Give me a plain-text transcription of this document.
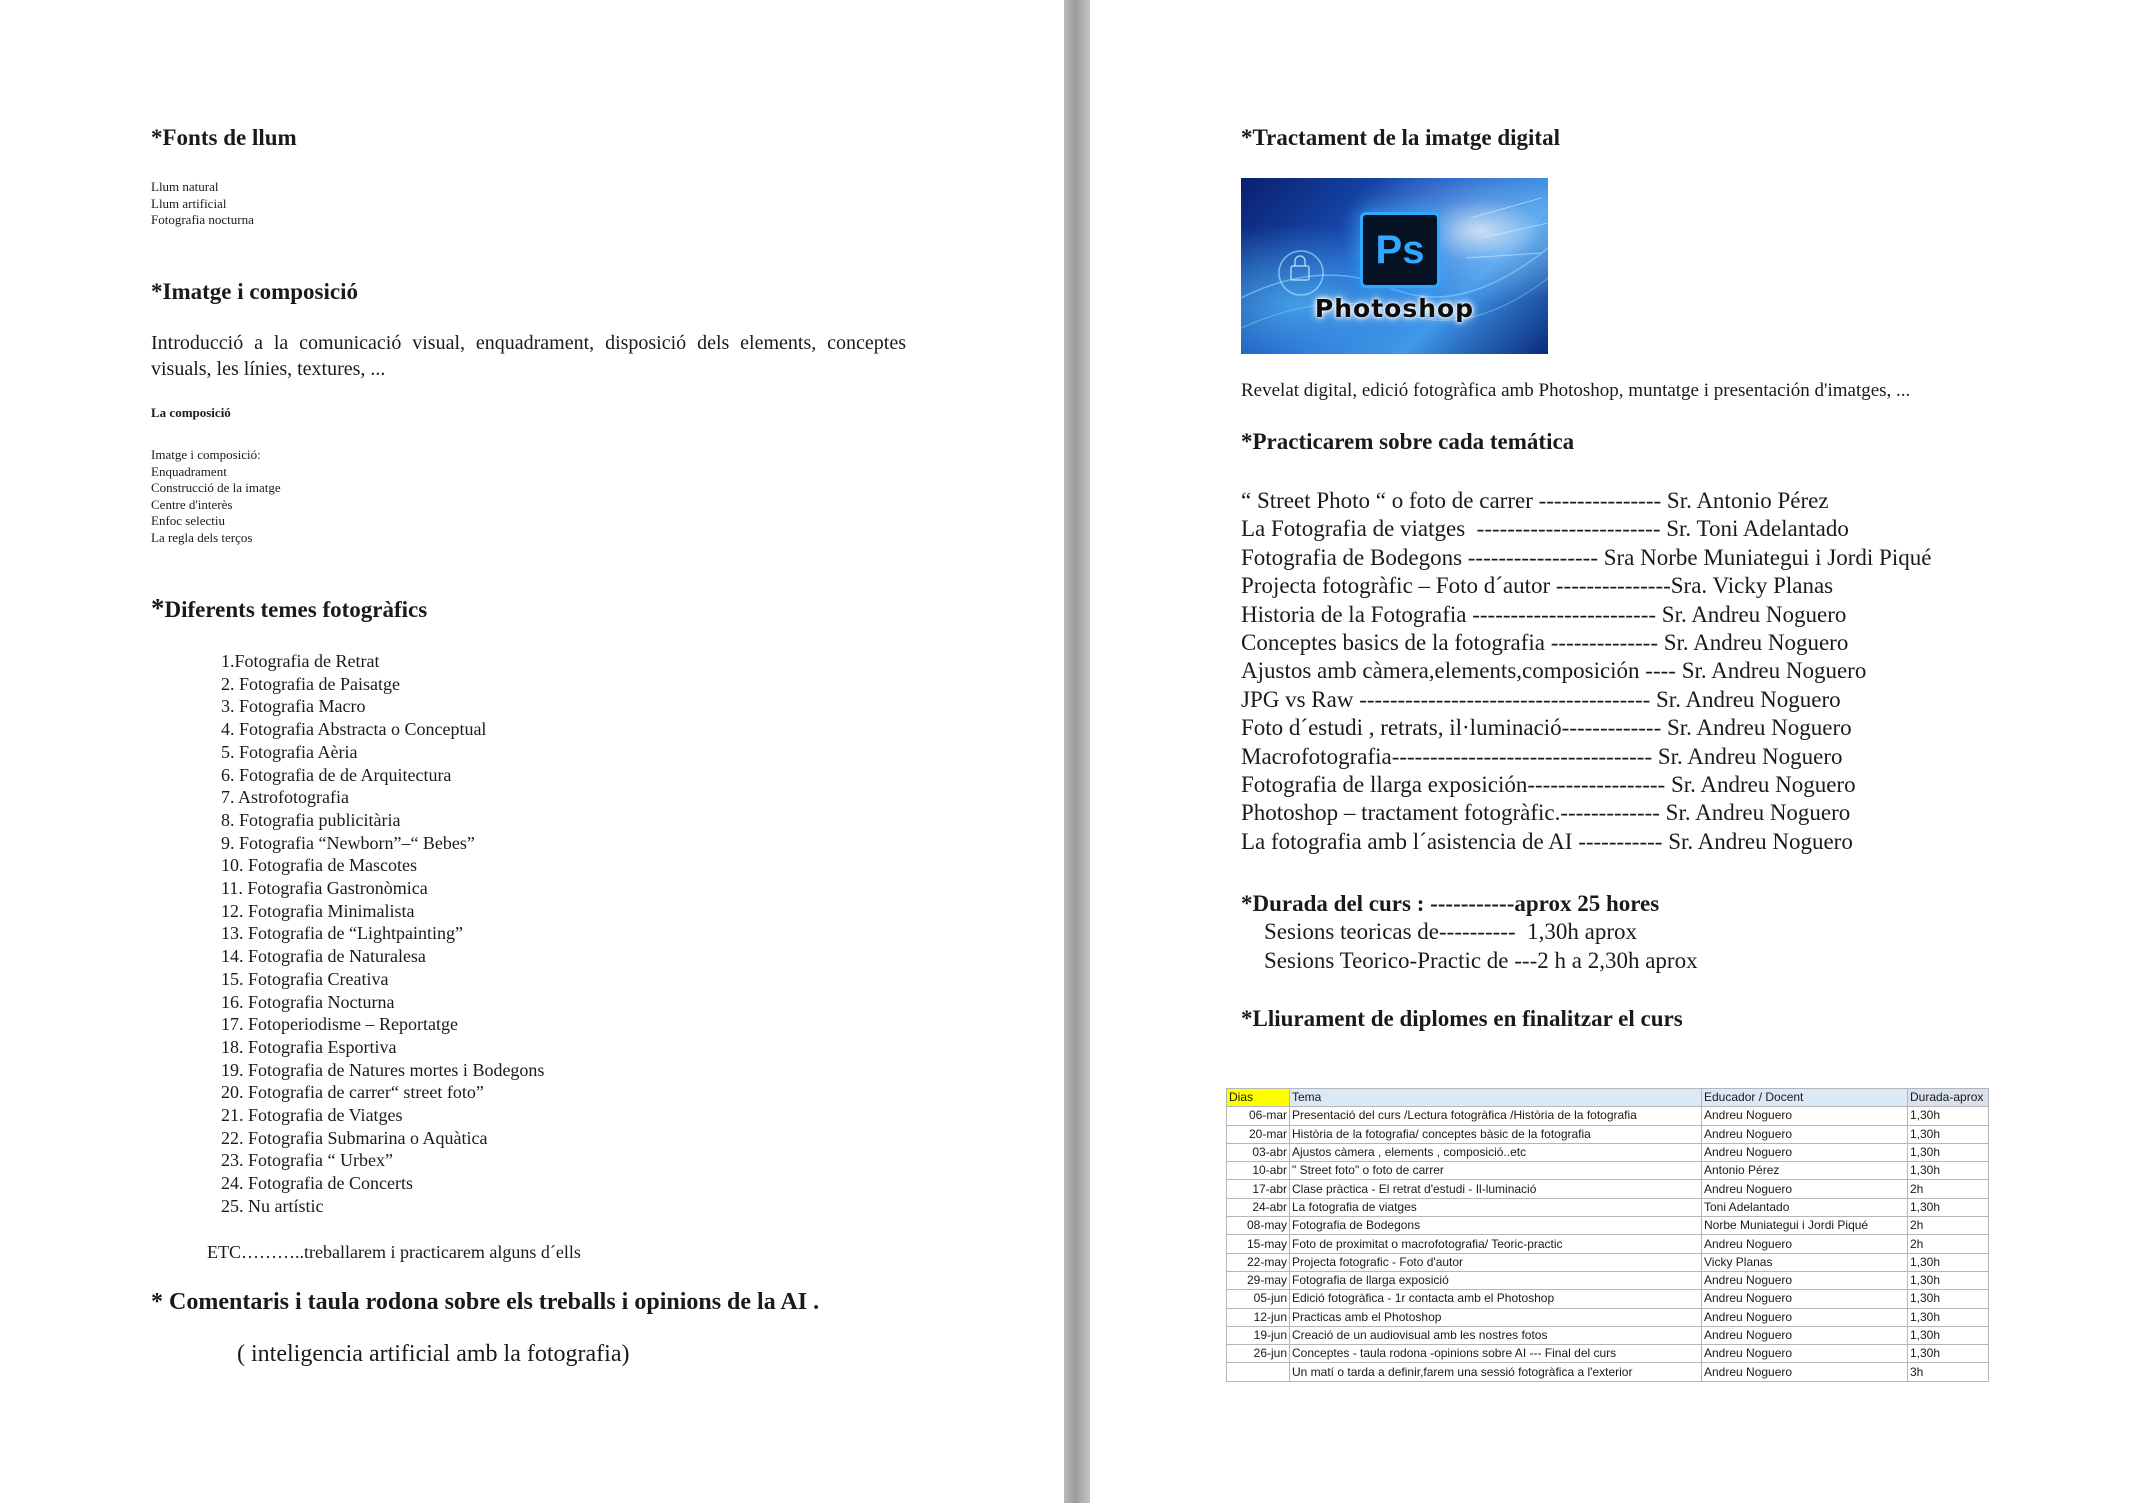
*Fonts de llum
Llum natural
Llum artificial
Fotografia nocturna
*Imatge i composició
Introducció a la comunicació visual, enquadrament, disposició dels elements, conceptes visuals, les línies, textures, ...
La composició
Imatge i composició:
Enquadrament
Construcció de la imatge
Centre d'interès
Enfoc selectiu
La regla dels terços
*Diferents temes fotogràfics
1.Fotografia de Retrat
2. Fotografia de Paisatge
3. Fotografia Macro
4. Fotografia Abstracta o Conceptual
5. Fotografia Aèria
6. Fotografia de de Arquitectura
7. Astrofotografia
8. Fotografia publicitària
9. Fotografia “Newborn”–“ Bebes”
10. Fotografia de Mascotes
11. Fotografia Gastronòmica
12. Fotografia Minimalista
13. Fotografia de “Lightpainting”
14. Fotografia de Naturalesa
15. Fotografia Creativa
16. Fotografia Nocturna
17. Fotoperiodisme – Reportatge
18. Fotografia Esportiva
19. Fotografia de Natures mortes i Bodegons
20. Fotografia de carrer“ street foto”
21. Fotografia de Viatges
22. Fotografia Submarina o Aquàtica
23. Fotografia “ Urbex”
24. Fotografia de Concerts
25. Nu artístic
ETC………..treballarem i practicarem alguns d´ells
* Comentaris i taula rodona sobre els treballs i opinions de la AI .
( inteligencia artificial amb la fotografia)
*Tractament de la imatge digital
Ps
Photoshop
Revelat digital, edició fotogràfica amb Photoshop, muntatge i presentación d'imatges, ...
*Practicarem sobre cada temática
“ Street Photo “ o foto de carrer ---------------- Sr. Antonio Pérez
La Fotografia de viatges  ------------------------ Sr. Toni Adelantado
Fotografia de Bodegons ----------------- Sra Norbe Muniategui i Jordi Piqué
Projecta fotogràfic – Foto d´autor ---------------Sra. Vicky Planas
Historia de la Fotografia ------------------------ Sr. Andreu Noguero
Conceptes basics de la fotografia -------------- Sr. Andreu Noguero
Ajustos amb càmera,elements,composición ---- Sr. Andreu Noguero
JPG vs Raw -------------------------------------- Sr. Andreu Noguero
Foto d´estudi , retrats, il·luminació------------- Sr. Andreu Noguero
Macrofotografia---------------------------------- Sr. Andreu Noguero
Fotografia de llarga exposición------------------ Sr. Andreu Noguero
Photoshop – tractament fotogràfic.------------- Sr. Andreu Noguero
La fotografia amb l´asistencia de AI ----------- Sr. Andreu Noguero
*Durada del curs : -----------aprox 25 hores
Sesions teoricas de----------  1,30h aprox
Sesions Teorico-Practic de ---2 h a 2,30h aprox
*Lliurament de diplomes en finalitzar el curs
Dias	Tema	Educador / Docent	Durada-aprox
06-mar	Presentació del curs /Lectura fotogràfica /Història de la fotografia	Andreu Noguero	1,30h
20-mar	Història de la fotografia/ conceptes bàsic de la fotografia	Andreu Noguero	1,30h
03-abr	Ajustos càmera , elements , composició..etc	Andreu Noguero	1,30h
10-abr	" Street foto" o foto de carrer	Antonio Pérez	1,30h
17-abr	Clase pràctica - El retrat d'estudi - Il-luminació	Andreu Noguero	2h
24-abr	La fotografia de viatges	Toni Adelantado	1,30h
08-may	Fotografia de Bodegons	Norbe Muniategui i Jordi Piqué	2h
15-may	Foto de proximitat o macrofotografia/ Teoric-practic	Andreu Noguero	2h
22-may	Projecta fotografic - Foto d'autor	Vicky Planas	1,30h
29-may	Fotografia de llarga exposició	Andreu Noguero	1,30h
05-jun	Edició fotogràfica - 1r contacta amb el Photoshop	Andreu Noguero	1,30h
12-jun	Practicas amb el Photoshop	Andreu Noguero	1,30h
19-jun	Creació de un audiovisual amb les nostres fotos	Andreu Noguero	1,30h
26-jun	Conceptes - taula rodona -opinions sobre AI --- Final del curs	Andreu Noguero	1,30h
	Un matí o tarda a definir,farem una sessió fotogràfica a l'exterior	Andreu Noguero	3h
